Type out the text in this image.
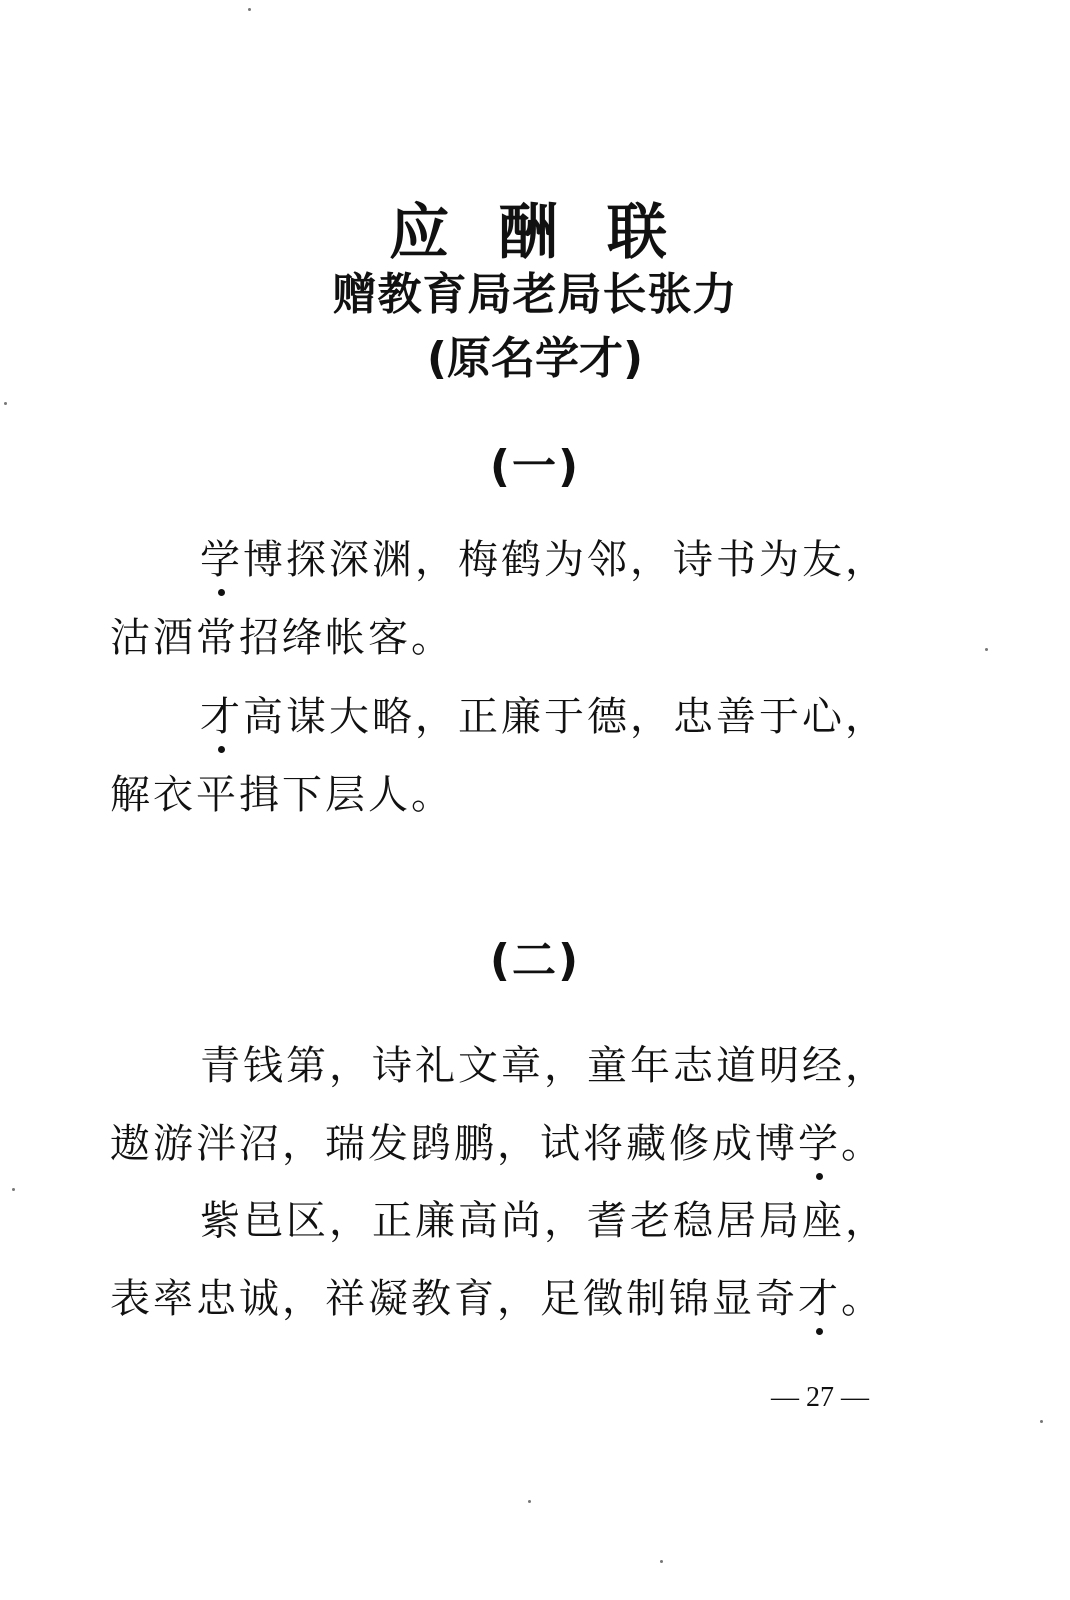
应 酬 联
赠教育局老局长张力
(原名学才)
(一)
学博探深渊，梅鹤为邻，诗书为友，
沽酒常招绛帐客。
才高谋大略，正廉于德，忠善于心，
解衣平揖下层人。
(二)
青钱第，诗礼文章，童年志道明经，
遨游泮沼，瑞发鹍鹏，试将藏修成博学。
紫邑区，正廉高尚，耆老稳居局座，
表率忠诚，祥凝教育，足徵制锦显奇才。
— 27 —
